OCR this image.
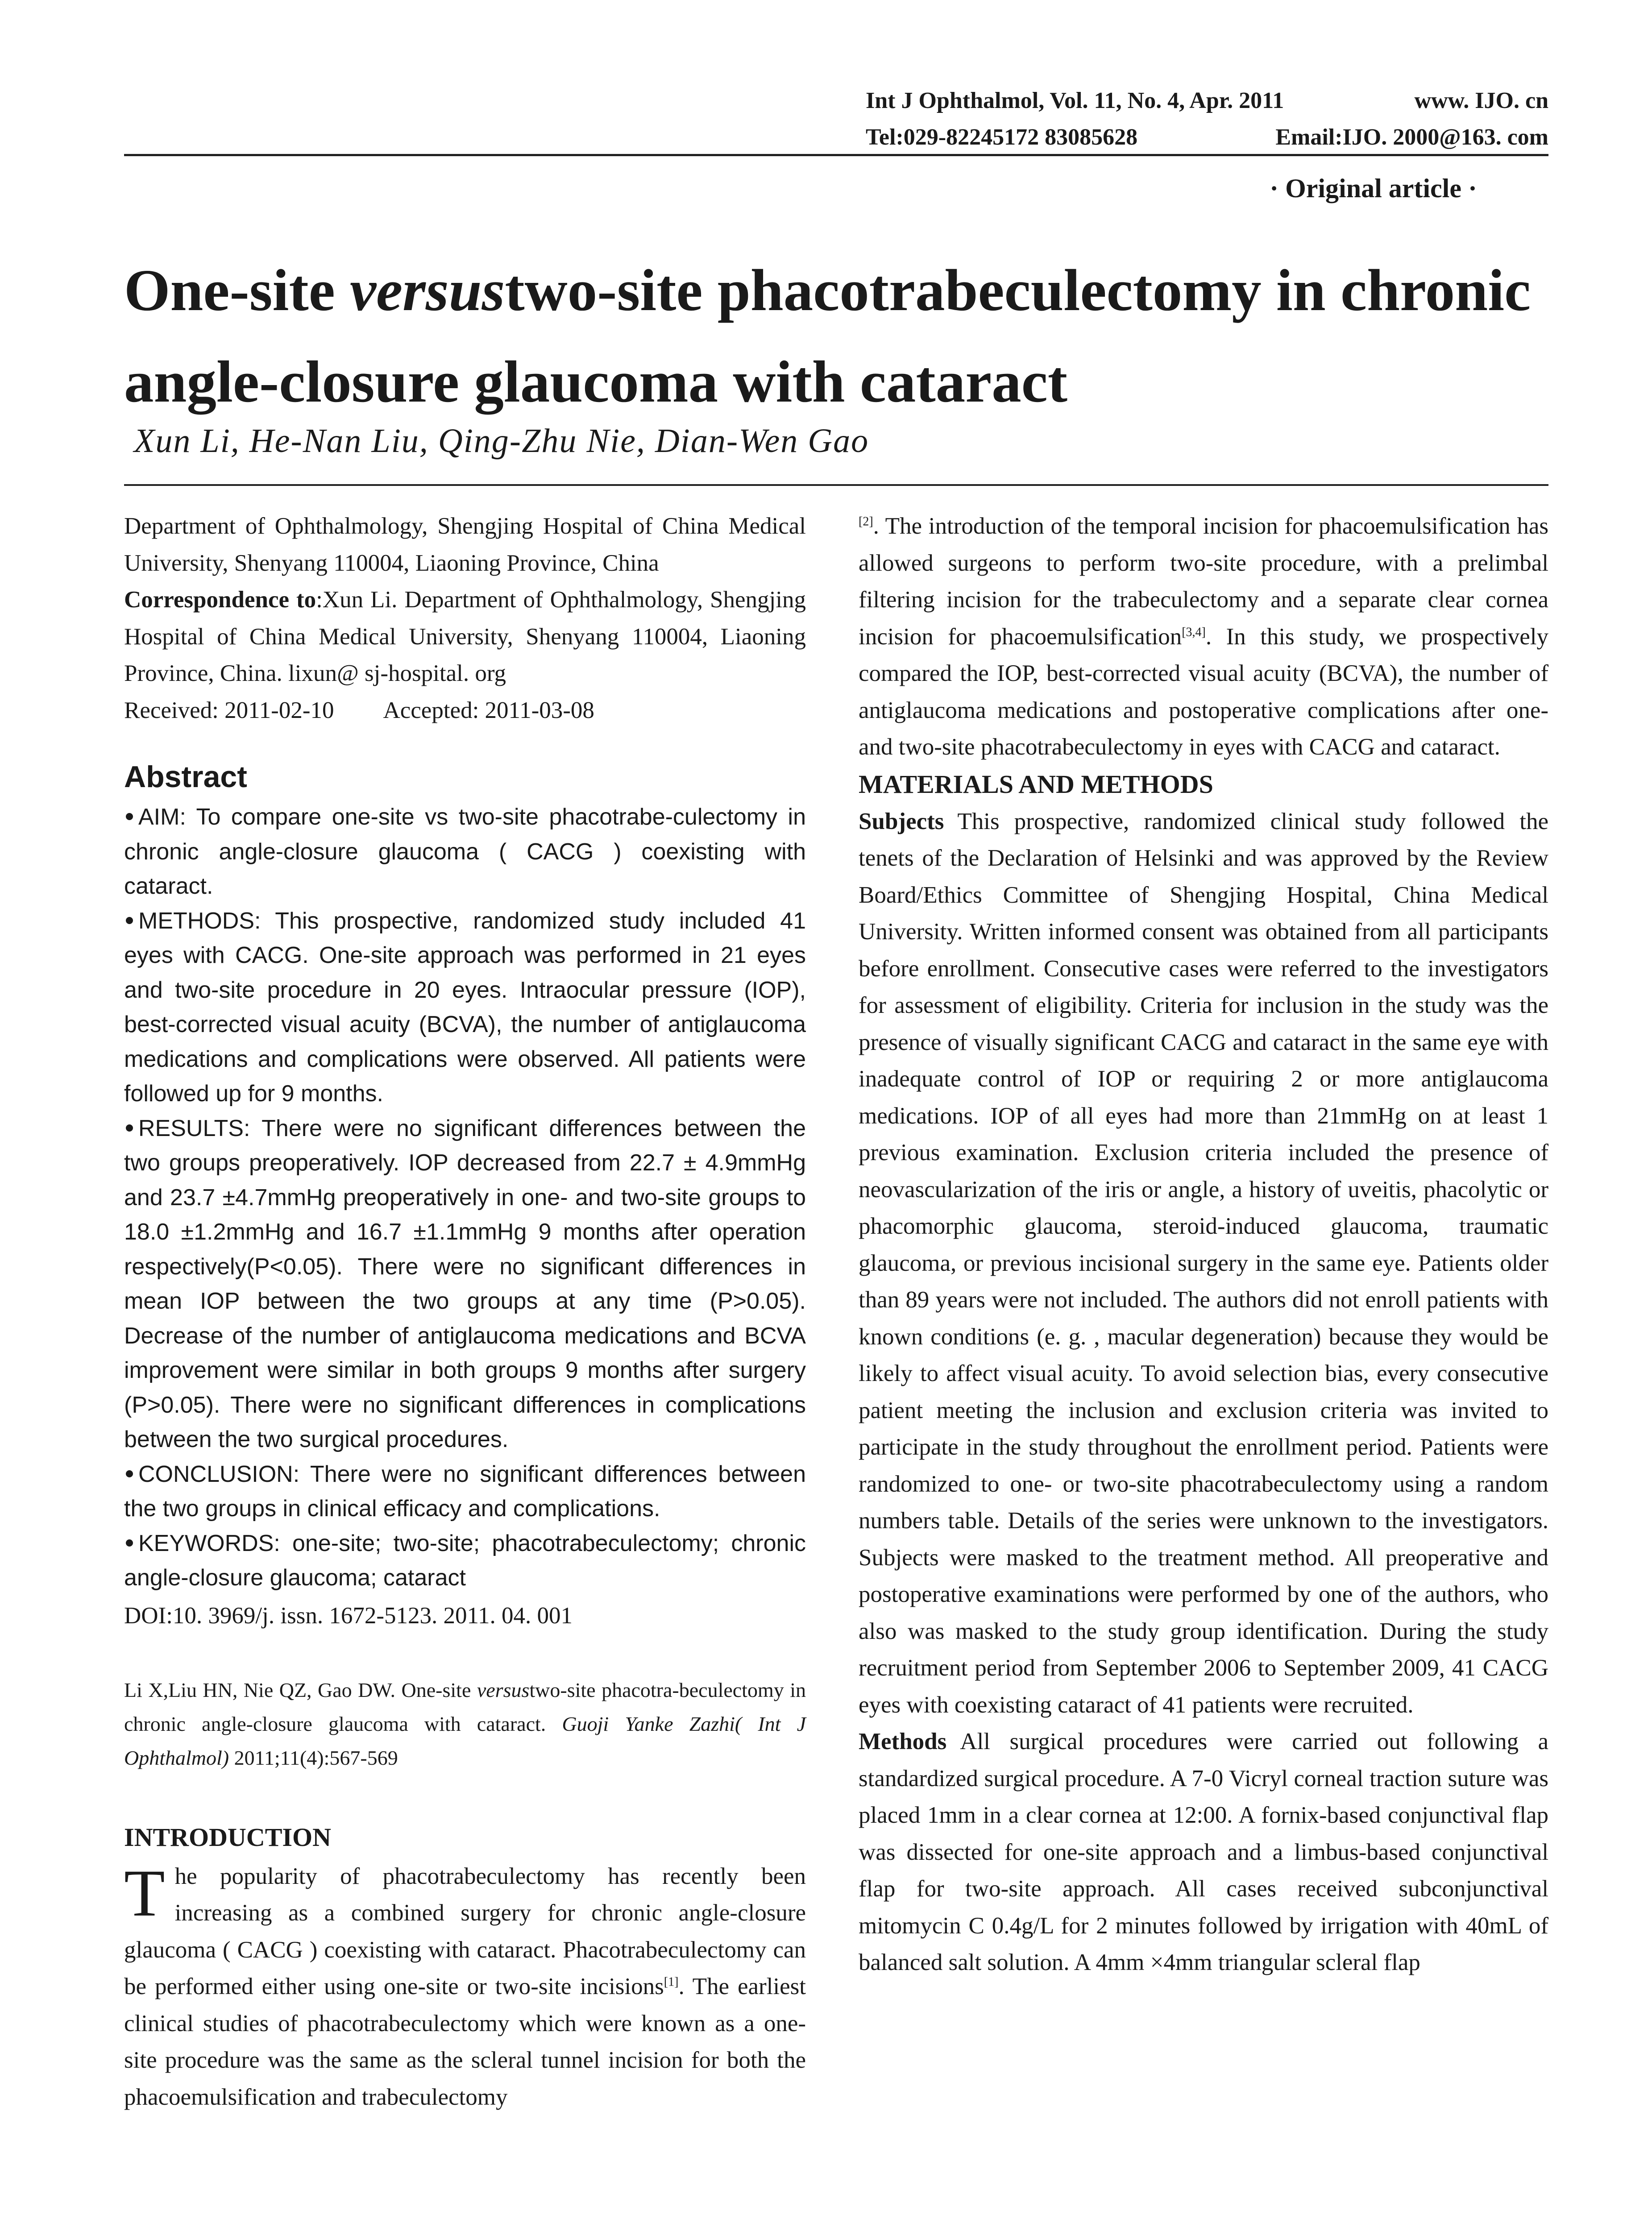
Int J Ophthalmol, Vol. 11, No. 4, Apr. 2011	www. IJO. cn
Tel:029-82245172 83085628	Email:IJO. 2000@163. com
· Original article ·
One-site versustwo-site phacotrabeculectomy in chronic angle-closure glaucoma with cataract
Xun Li, He-Nan Liu, Qing-Zhu Nie, Dian-Wen Gao

Department of Ophthalmology, Shengjing Hospital of China Medical University, Shenyang 110004, Liaoning Province, China

Correspondence to:Xun Li. Department of Ophthalmology, Shengjing Hospital of China Medical University, Shenyang 110004, Liaoning Province, China. lixun@ sj-hospital. org

Received: 2011-02-10 Accepted: 2011-03-08

Abstract

AIM: To compare one-site vs two-site phacotrabe-culectomy in chronic angle-closure glaucoma ( CACG ) coexisting with cataract.

METHODS: This prospective, randomized study included 41 eyes with CACG. One-site approach was performed in 21 eyes and two-site procedure in 20 eyes. Intraocular pressure (IOP), best-corrected visual acuity (BCVA), the number of antiglaucoma medications and complications were observed. All patients were followed up for 9 months.

RESULTS: There were no significant differences between the two groups preoperatively. IOP decreased from 22.7 ± 4.9mmHg and 23.7 ±4.7mmHg preoperatively in one- and two-site groups to 18.0 ±1.2mmHg and 16.7 ±1.1mmHg 9 months after operation respectively(P<0.05). There were no significant differences in mean IOP between the two groups at any time (P>0.05). Decrease of the number of antiglaucoma medications and BCVA improvement were similar in both groups 9 months after surgery (P>0.05). There were no significant differences in complications between the two surgical procedures.

CONCLUSION: There were no significant differences between the two groups in clinical efficacy and complications.

KEYWORDS: one-site; two-site; phacotrabeculectomy; chronic angle-closure glaucoma; cataract

DOI:10. 3969/j. issn. 1672-5123. 2011. 04. 001

Li X,Liu HN, Nie QZ, Gao DW. One-site versustwo-site phacotra-beculectomy in chronic angle-closure glaucoma with cataract. Guoji Yanke Zazhi( Int J Ophthalmol) 2011;11(4):567-569

INTRODUCTION

The popularity of phacotrabeculectomy has recently been increasing as a combined surgery for chronic angle-closure glaucoma ( CACG ) coexisting with cataract. Phacotrabeculectomy can be performed either using one-site or two-site incisions[1]. The earliest clinical studies of phacotrabeculectomy which were known as a one-site procedure was the same as the scleral tunnel incision for both the phacoemulsification and trabeculectomy

[2]. The introduction of the temporal incision for phacoemulsification has allowed surgeons to perform two-site procedure, with a prelimbal filtering incision for the trabeculectomy and a separate clear cornea incision for phacoemulsification[3,4]. In this study, we prospectively compared the IOP, best-corrected visual acuity (BCVA), the number of antiglaucoma medications and postoperative complications after one-and two-site phacotrabeculectomy in eyes with CACG and cataract.

MATERIALS AND METHODS

Subjects This prospective, randomized clinical study followed the tenets of the Declaration of Helsinki and was approved by the Review Board/Ethics Committee of Shengjing Hospital, China Medical University. Written informed consent was obtained from all participants before enrollment. Consecutive cases were referred to the investigators for assessment of eligibility. Criteria for inclusion in the study was the presence of visually significant CACG and cataract in the same eye with inadequate control of IOP or requiring 2 or more antiglaucoma medications. IOP of all eyes had more than 21mmHg on at least 1 previous examination. Exclusion criteria included the presence of neovascularization of the iris or angle, a history of uveitis, phacolytic or phacomorphic glaucoma, steroid-induced glaucoma, traumatic glaucoma, or previous incisional surgery in the same eye. Patients older than 89 years were not included. The authors did not enroll patients with known conditions (e. g. , macular degeneration) because they would be likely to affect visual acuity. To avoid selection bias, every consecutive patient meeting the inclusion and exclusion criteria was invited to participate in the study throughout the enrollment period. Patients were randomized to one- or two-site phacotrabeculectomy using a random numbers table. Details of the series were unknown to the investigators. Subjects were masked to the treatment method. All preoperative and postoperative examinations were performed by one of the authors, who also was masked to the study group identification. During the study recruitment period from September 2006 to September 2009, 41 CACG eyes with coexisting cataract of 41 patients were recruited.

Methods All surgical procedures were carried out following a standardized surgical procedure. A 7-0 Vicryl corneal traction suture was placed 1mm in a clear cornea at 12:00. A fornix-based conjunctival flap was dissected for one-site approach and a limbus-based conjunctival flap for two-site approach. All cases received subconjunctival mitomycin C 0.4g/L for 2 minutes followed by irrigation with 40mL of balanced salt solution. A 4mm ×4mm triangular scleral flap
